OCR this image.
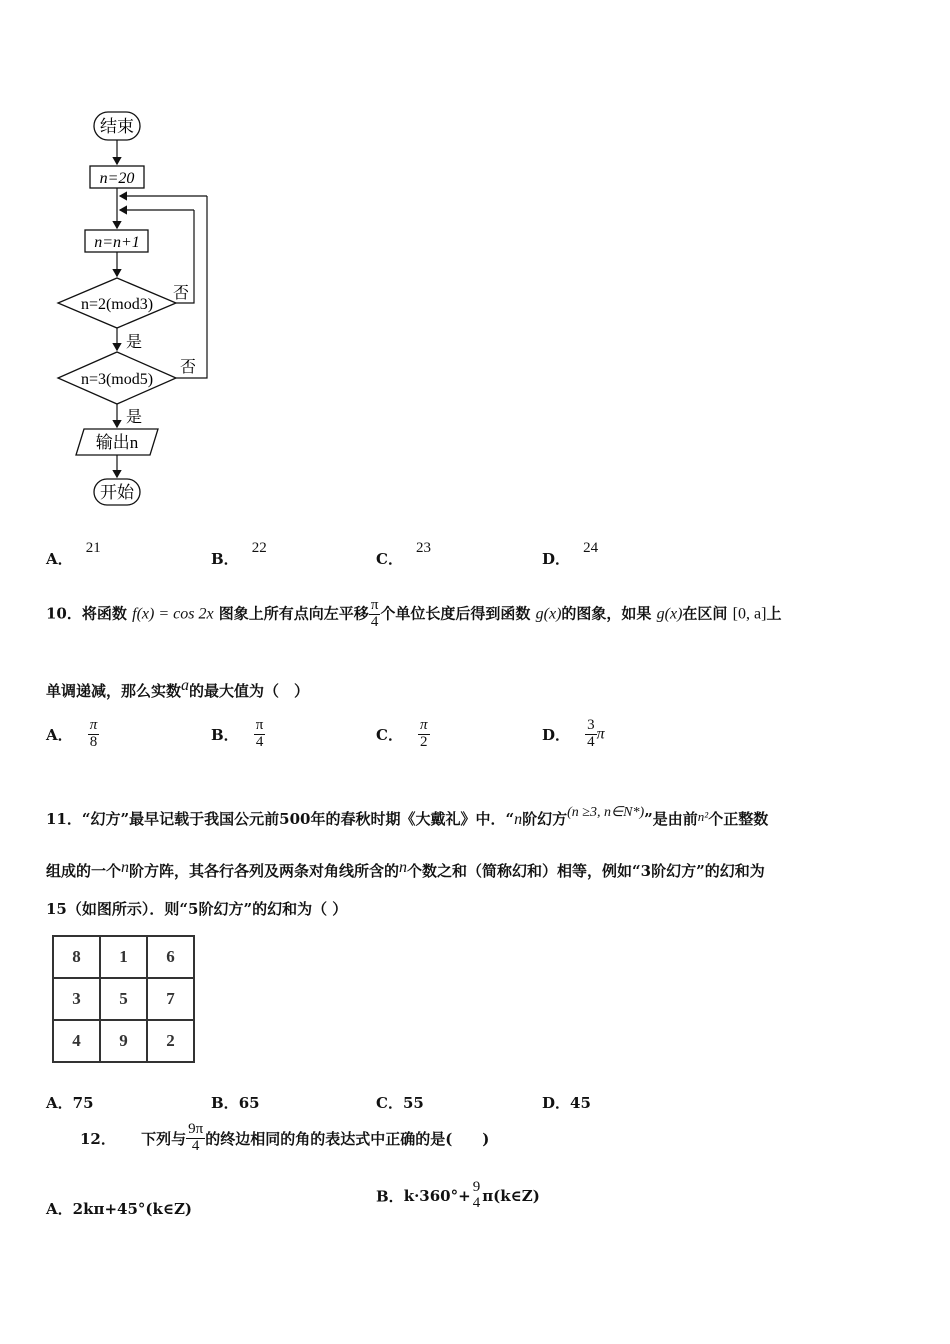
结束
n=20
n=n+1
n=2(mod3)
否
是
n=3(mod5)
否
是
输出n
开始
A． 21
B． 22
C． 23
D． 24
10．将函数 f(x) = cos 2x 图象上所有点向左平移 $\frac{\pi}{4}$ 个单位长度后得到函数 g(x)的图象，如果 g(x)在区间 [0, a]上
单调递减，那么实数a的最大值为（　）
A． $\frac{\pi}{8}$	B． $\frac{\pi}{4}$	C． $\frac{\pi}{2}$	D． $\frac{3}{4}$ π
11．“幻方”最早记载于我国公元前500年的春秋时期《大戴礼》中．“n阶幻方(n ≥3, n∈N*)”是由前n²个正整数
组成的一个n阶方阵，其各行各列及两条对角线所含的n个数之和（简称幻和）相等，例如“3阶幻方”的幻和为
15（如图所示）．则“5阶幻方”的幻和为（ ）
8	1	6
3	5	7
4	9	2
A．75	B．65	C．55	D．45
12． 下列与 $\frac{9\pi}{4}$ 的终边相同的角的表达式中正确的是(　　)
A．2kπ+45°(k∈Z)
B．k·360°+ 9
4 π(k∈Z)
